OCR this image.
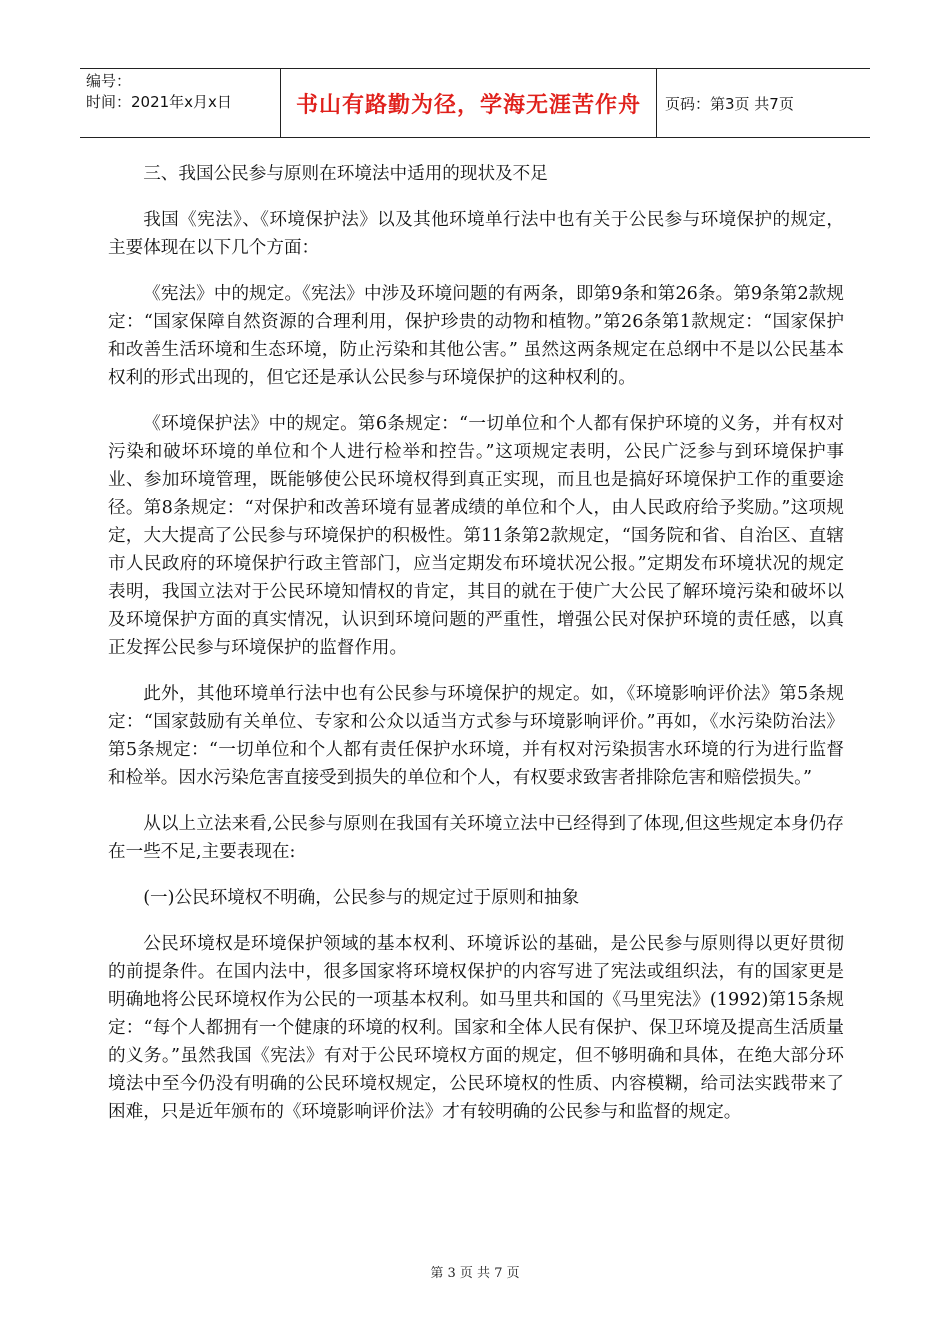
编号：
时间：2021年x月x日	书山有路勤为径，学海无涯苦作舟	页码：第3页 共7页

三、我国公民参与原则在环境法中适用的现状及不足

我国《宪法》、《环境保护法》以及其他环境单行法中也有关于公民参与环境保护的规定，主要体现在以下几个方面：

《宪法》中的规定。《宪法》中涉及环境问题的有两条，即第9条和第26条。第9条第2款规定：“国家保障自然资源的合理利用，保护珍贵的动物和植物。”第26条第1款规定：“国家保护和改善生活环境和生态环境，防止污染和其他公害。” 虽然这两条规定在总纲中不是以公民基本权利的形式出现的，但它还是承认公民参与环境保护的这种权利的。

《环境保护法》中的规定。第6条规定：“一切单位和个人都有保护环境的义务，并有权对污染和破坏环境的单位和个人进行检举和控告。”这项规定表明，公民广泛参与到环境保护事业、参加环境管理，既能够使公民环境权得到真正实现，而且也是搞好环境保护工作的重要途径。第8条规定：“对保护和改善环境有显著成绩的单位和个人，由人民政府给予奖励。”这项规定，大大提高了公民参与环境保护的积极性。第11条第2款规定，“国务院和省、自治区、直辖市人民政府的环境保护行政主管部门，应当定期发布环境状况公报。”定期发布环境状况的规定表明，我国立法对于公民环境知情权的肯定，其目的就在于使广大公民了解环境污染和破坏以及环境保护方面的真实情况，认识到环境问题的严重性，增强公民对保护环境的责任感，以真正发挥公民参与环境保护的监督作用。

此外，其他环境单行法中也有公民参与环境保护的规定。如，《环境影响评价法》第5条规定：“国家鼓励有关单位、专家和公众以适当方式参与环境影响评价。”再如，《水污染防治法》第5条规定：“一切单位和个人都有责任保护水环境，并有权对污染损害水环境的行为进行监督和检举。因水污染危害直接受到损失的单位和个人，有权要求致害者排除危害和赔偿损失。”

从以上立法来看,公民参与原则在我国有关环境立法中已经得到了体现,但这些规定本身仍存在一些不足,主要表现在:

(一)公民环境权不明确，公民参与的规定过于原则和抽象

公民环境权是环境保护领域的基本权利、环境诉讼的基础，是公民参与原则得以更好贯彻的前提条件。在国内法中，很多国家将环境权保护的内容写进了宪法或组织法，有的国家更是明确地将公民环境权作为公民的一项基本权利。如马里共和国的《马里宪法》(1992)第15条规定：“每个人都拥有一个健康的环境的权利。国家和全体人民有保护、保卫环境及提高生活质量的义务。”虽然我国《宪法》有对于公民环境权方面的规定，但不够明确和具体，在绝大部分环境法中至今仍没有明确的公民环境权规定，公民环境权的性质、内容模糊，给司法实践带来了困难，只是近年颁布的《环境影响评价法》才有较明确的公民参与和监督的规定。

第 3 页 共 7 页
